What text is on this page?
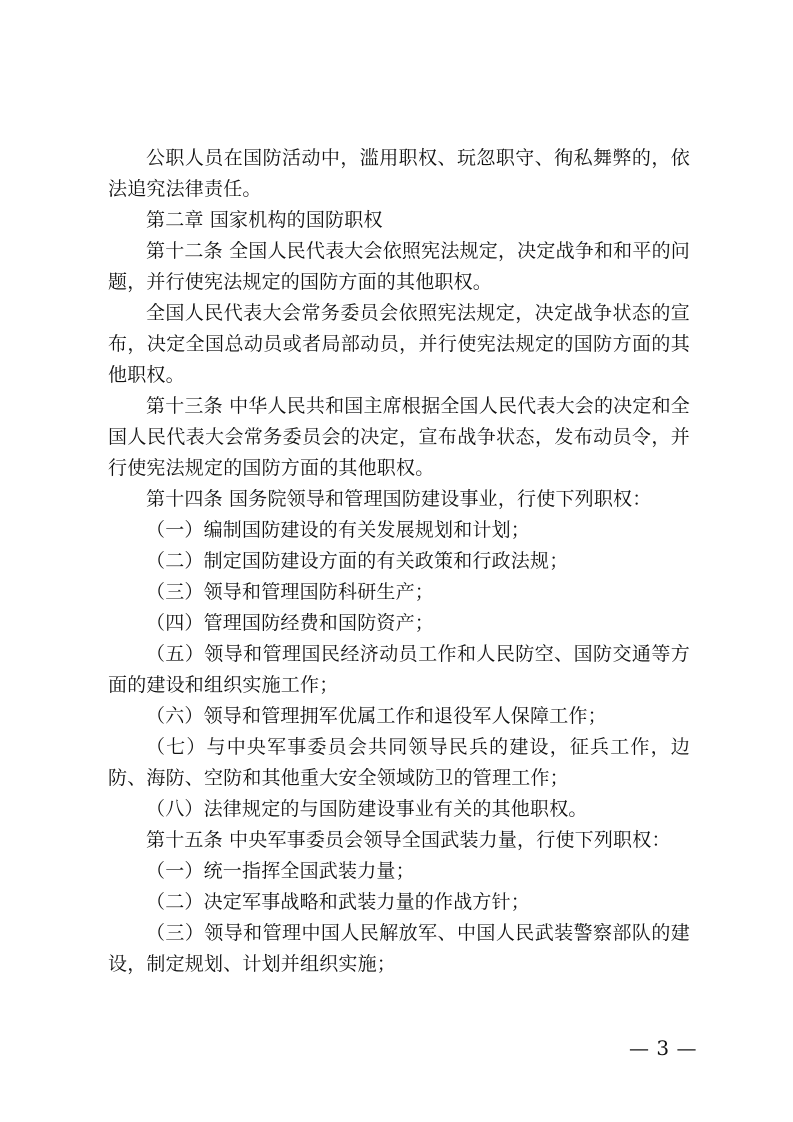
公职人员在国防活动中，滥用职权、玩忽职守、徇私舞弊的，依法追究法律责任。

第二章 国家机构的国防职权

第十二条 全国人民代表大会依照宪法规定，决定战争和和平的问题，并行使宪法规定的国防方面的其他职权。

全国人民代表大会常务委员会依照宪法规定，决定战争状态的宣布，决定全国总动员或者局部动员，并行使宪法规定的国防方面的其他职权。

第十三条 中华人民共和国主席根据全国人民代表大会的决定和全国人民代表大会常务委员会的决定，宣布战争状态，发布动员令，并行使宪法规定的国防方面的其他职权。

第十四条 国务院领导和管理国防建设事业，行使下列职权：

（一）编制国防建设的有关发展规划和计划；

（二）制定国防建设方面的有关政策和行政法规；

（三）领导和管理国防科研生产；

（四）管理国防经费和国防资产；

（五）领导和管理国民经济动员工作和人民防空、国防交通等方面的建设和组织实施工作；

（六）领导和管理拥军优属工作和退役军人保障工作；

（七）与中央军事委员会共同领导民兵的建设，征兵工作，边防、海防、空防和其他重大安全领域防卫的管理工作；

（八）法律规定的与国防建设事业有关的其他职权。

第十五条 中央军事委员会领导全国武装力量，行使下列职权：

（一）统一指挥全国武装力量；

（二）决定军事战略和武装力量的作战方针；

（三）领导和管理中国人民解放军、中国人民武装警察部队的建设，制定规划、计划并组织实施；

— 3 —
